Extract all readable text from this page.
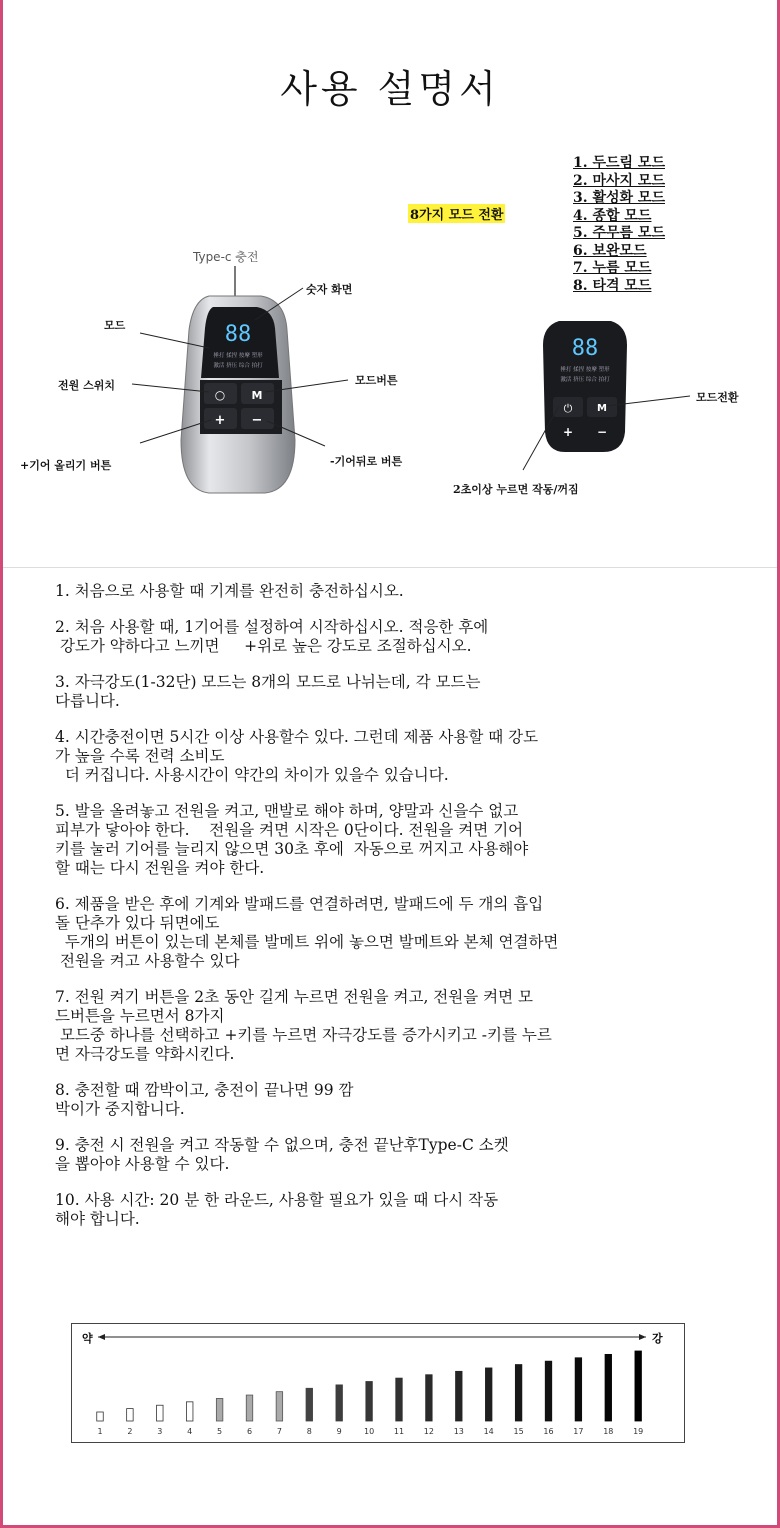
사용 설명서
8가지 모드 전환
1. 두드림 모드
2. 마사지 모드
3. 활성화 모드
4. 종합 모드
5. 주무름 모드
6. 보완모드
7. 누름 모드
8. 타격 모드
88
捶打 揉捏 按摩 塑形
激活 挤压 综合 拍打
○ M
+ −
88
捶打 揉捏 按摩 塑形
激活 挤压 综合 拍打
⏻ M
+ −
Type-c 충전
숫자 화면
모드
전원 스위치	모드버튼
+기어 올리기 버튼	-기어뒤로 버튼
모드전환
2초이상 누르면 작동/꺼짐

1. 처음으로 사용할 때 기계를 완전히 충전하십시오.

2. 처음 사용할 때, 1기어를 설정하여 시작하십시오. 적응한 후에
강도가 약하다고 느끼면     +위로 높은 강도로 조절하십시오.

3. 자극강도(1-32단) 모드는 8개의 모드로 나뉘는데, 각 모드는
다릅니다.

4. 시간충전이면 5시간 이상 사용할수 있다. 그런데 제품 사용할 때 강도
가 높을 수록 전력 소비도
더 커집니다. 사용시간이 약간의 차이가 있을수 있습니다.

5. 발을 올려놓고 전원을 켜고, 맨발로 해야 하며, 양말과 신을수 없고
피부가 닿아야 한다.    전원을 켜면 시작은 0단이다. 전원을 켜면 기어
키를 눌러 기어를 늘리지 않으면 30초 후에  자동으로 꺼지고 사용해야
할 때는 다시 전원을 켜야 한다.

6. 제품을 받은 후에 기계와 발패드를 연결하려면, 발패드에 두 개의 흡입
돌 단추가 있다 뒤면에도
두개의 버튼이 있는데 본체를 발메트 위에 놓으면 발메트와 본체 연결하면
전원을 켜고 사용할수 있다

7. 전원 켜기 버튼을 2초 동안 길게 누르면 전원을 켜고, 전원을 켜면 모
드버튼을 누르면서 8가지
모드중 하나를 선택하고 +키를 누르면 자극강도를 증가시키고 -키를 누르
면 자극강도를 약화시킨다.

8. 충전할 때 깜박이고, 충전이 끝나면 99 깜
박이가 중지합니다.

9. 충전 시 전원을 켜고 작동할 수 없으며, 충전 끝난후Type-C 소켓
을 뽑아야 사용할 수 있다.

10. 사용 시간: 20 분 한 라운드, 사용할 필요가 있을 때 다시 작동
해야 합니다.

약	강
1	2	3	4	5	6	7	8	9	10 11 12 13 14 15 16 17 18 19
